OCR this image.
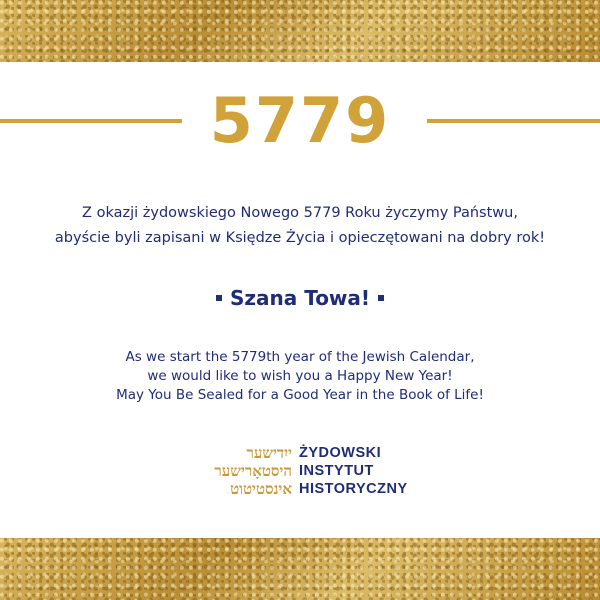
5779
Z okazji żydowskiego Nowego 5779 Roku życzymy Państwu,
abyście byli zapisani w Księdze Życia i opieczętowani na dobry rok!
Szana Towa!
As we start the 5779th year of the Jewish Calendar,
we would like to wish you a Happy New Year!
May You Be Sealed for a Good Year in the Book of Life!
ייִדישער
היסטאָרישער
אינסטיטוט
ŻYDOWSKI
INSTYTUT
HISTORYCZNY
